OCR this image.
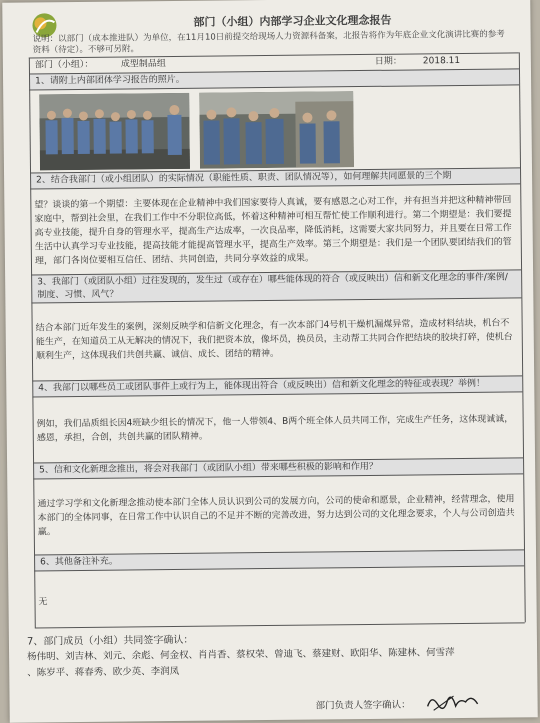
部门（小组）内部学习企业文化理念报告
说明：以部门（成本推进队）为单位，在11月10日前提交给现场人力资源科备案，北报告将作为年底企业文化演讲比赛的参考资料（待定）。不够可另附。
部门（小组）：	成型制品组	日期： 2018.11
1、请附上内部团体学习报告的照片。
2、结合我部门（或小组团队）的实际情况（职能性质、职责、团队情况等），如何理解共同愿景的三个期
望？谈谈的第一个期望：主要体现在企业精神中我们国家要待人真诚，要有感恩之心对工作，并有担当并把这种精神带回家庭中，帮到社会里，在我们工作中不分职位高低，怀着这种精神可相互帮忙使工作顺利进行。第二个期望是：我们要提高专业技能，提升自身的管理水平，提高生产达成率，一次良品率，降低消耗，这需要大家共同努力，并且要在日常工作生活中认真学习专业技能，提高技能才能提高管理水平，提高生产效率。第三个期望是：我们是一个团队要团结我们的管理，部门各岗位要相互信任、团结、共同创造，共同分享效益的成果。
3、我部门（或团队小组）过往发现的，发生过（或存在）哪些能体现的符合（或反映出）信和新文化理念的事件/案例/制度、习惯、风气？
结合本部门近年发生的案例，深刻反映学和信新文化理念，有一次本部门4号机干燥机漏煤异常，造成材料结块，机台不能生产，在知道员工从无解决的情况下，我们把资本放，像坏员，换员员，主动帮工共同合作把结块的胶块打碎，使机台顺利生产，这体现我们共创共赢、诚信、成长、团结的精神。
4、我部门以哪些员工或团队事件上或行为上，能体现出符合（或反映出）信和新文化理念的特征或表现？举例！
例如，我们品质组长因4班缺少组长的情况下，他一人带领4、B两个班全体人员共同工作，完成生产任务，这体现诚诚，感恩，承担，合创，共创共赢的团队精神。
5、信和文化新理念推出，将会对我部门（或团队小组）带来哪些积极的影响和作用？
通过学习学和文化新理念推动使本部门全体人员认识到公司的发展方向，公司的使命和愿景，企业精神，经营理念，使用本部门的全体同事，在日常工作中认识自己的不足并不断的完善改进，努力达到公司的文化理念要求，个人与公司创造共赢。
6、其他备注补充。
无
7、部门成员（小组）共同签字确认：
杨伟明、刘吉林、刘元、余彪、何金权、肖肖香、蔡权荣、曾迪飞、蔡建财、欧阳华、陈建林、何雪萍
、陈岁平、蒋春秀、欧少英、李润凤
部门负责人签字确认：
